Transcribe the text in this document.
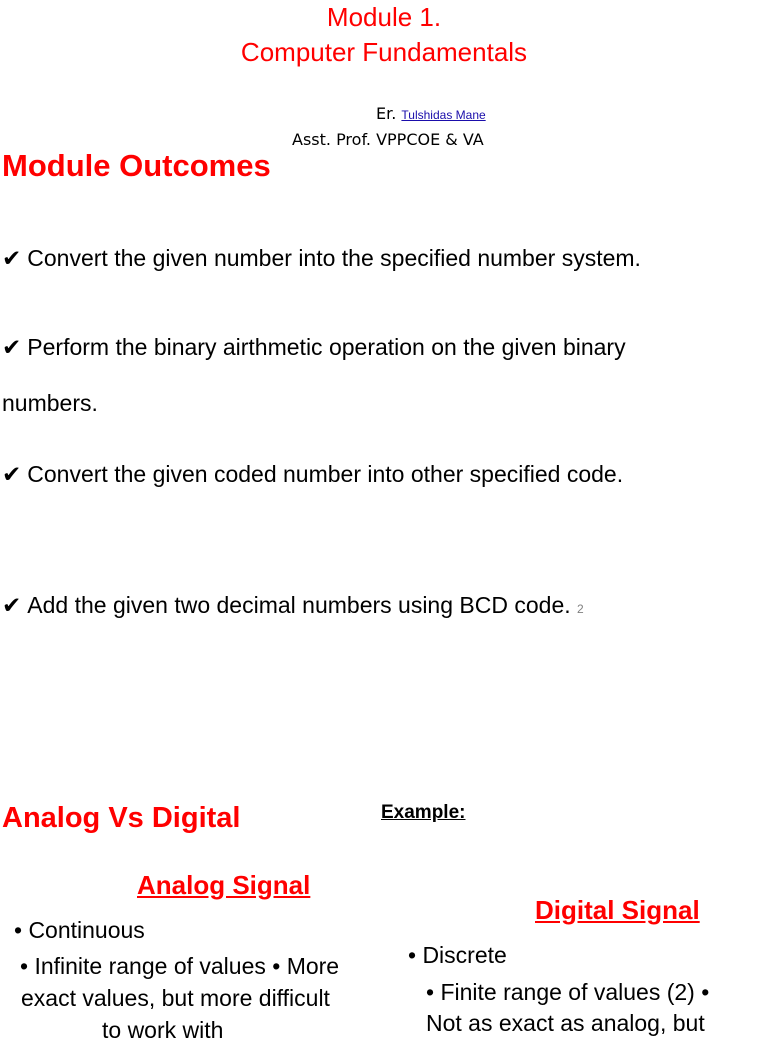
Module 1.
Computer Fundamentals
Er. Tulshidas Mane
Asst. Prof. VPPCOE & VA
Module Outcomes
✔ Convert the given number into the specified number system.
✔ Perform the binary airthmetic operation on the given binary
numbers.
✔ Convert the given coded number into other specified code.
✔ Add the given two decimal numbers using BCD code. 2
Analog Vs Digital	Example:
Analog Signal
• Continuous
• Infinite range of values • More
exact values, but more difficult
to work with
Digital Signal
• Discrete
• Finite range of values (2) •
Not as exact as analog, but
